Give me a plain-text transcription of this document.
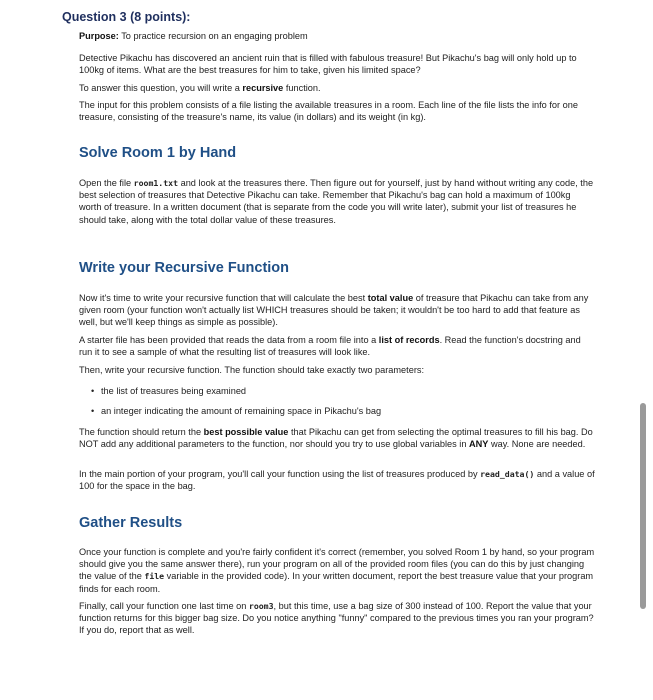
Question 3 (8 points):

Purpose: To practice recursion on an engaging problem

Detective Pikachu has discovered an ancient ruin that is filled with fabulous treasure! But Pikachu's bag will only hold up to 100kg of items. What are the best treasures for him to take, given his limited space?

To answer this question, you will write a recursive function.

The input for this problem consists of a file listing the available treasures in a room. Each line of the file lists the info for one treasure, consisting of the treasure's name, its value (in dollars) and its weight (in kg).

Solve Room 1 by Hand

Open the file room1.txt and look at the treasures there. Then figure out for yourself, just by hand without writing any code, the best selection of treasures that Detective Pikachu can take. Remember that Pikachu's bag can hold a maximum of 100kg worth of treasure. In a written document (that is separate from the code you will write later), submit your list of treasures he should take, along with the total dollar value of these treasures.

Write your Recursive Function

Now it's time to write your recursive function that will calculate the best total value of treasure that Pikachu can take from any given room (your function won't actually list WHICH treasures should be taken; it wouldn't be too hard to add that feature as well, but we'll keep things as simple as possible).

A starter file has been provided that reads the data from a room file into a list of records. Read the function's docstring and run it to see a sample of what the resulting list of treasures will look like.

Then, write your recursive function. The function should take exactly two parameters:

• the list of treasures being examined
• an integer indicating the amount of remaining space in Pikachu's bag

The function should return the best possible value that Pikachu can get from selecting the optimal treasures to fill his bag. Do NOT add any additional parameters to the function, nor should you try to use global variables in ANY way. None are needed.

In the main portion of your program, you'll call your function using the list of treasures produced by read_data() and a value of 100 for the space in the bag.

Gather Results

Once your function is complete and you're fairly confident it's correct (remember, you solved Room 1 by hand, so your program should give you the same answer there), run your program on all of the provided room files (you can do this by just changing the value of the file variable in the provided code). In your written document, report the best treasure value that your program finds for each room.

Finally, call your function one last time on room3, but this time, use a bag size of 300 instead of 100. Report the value that your function returns for this bigger bag size. Do you notice anything "funny" compared to the previous times you ran your program? If you do, report that as well.
